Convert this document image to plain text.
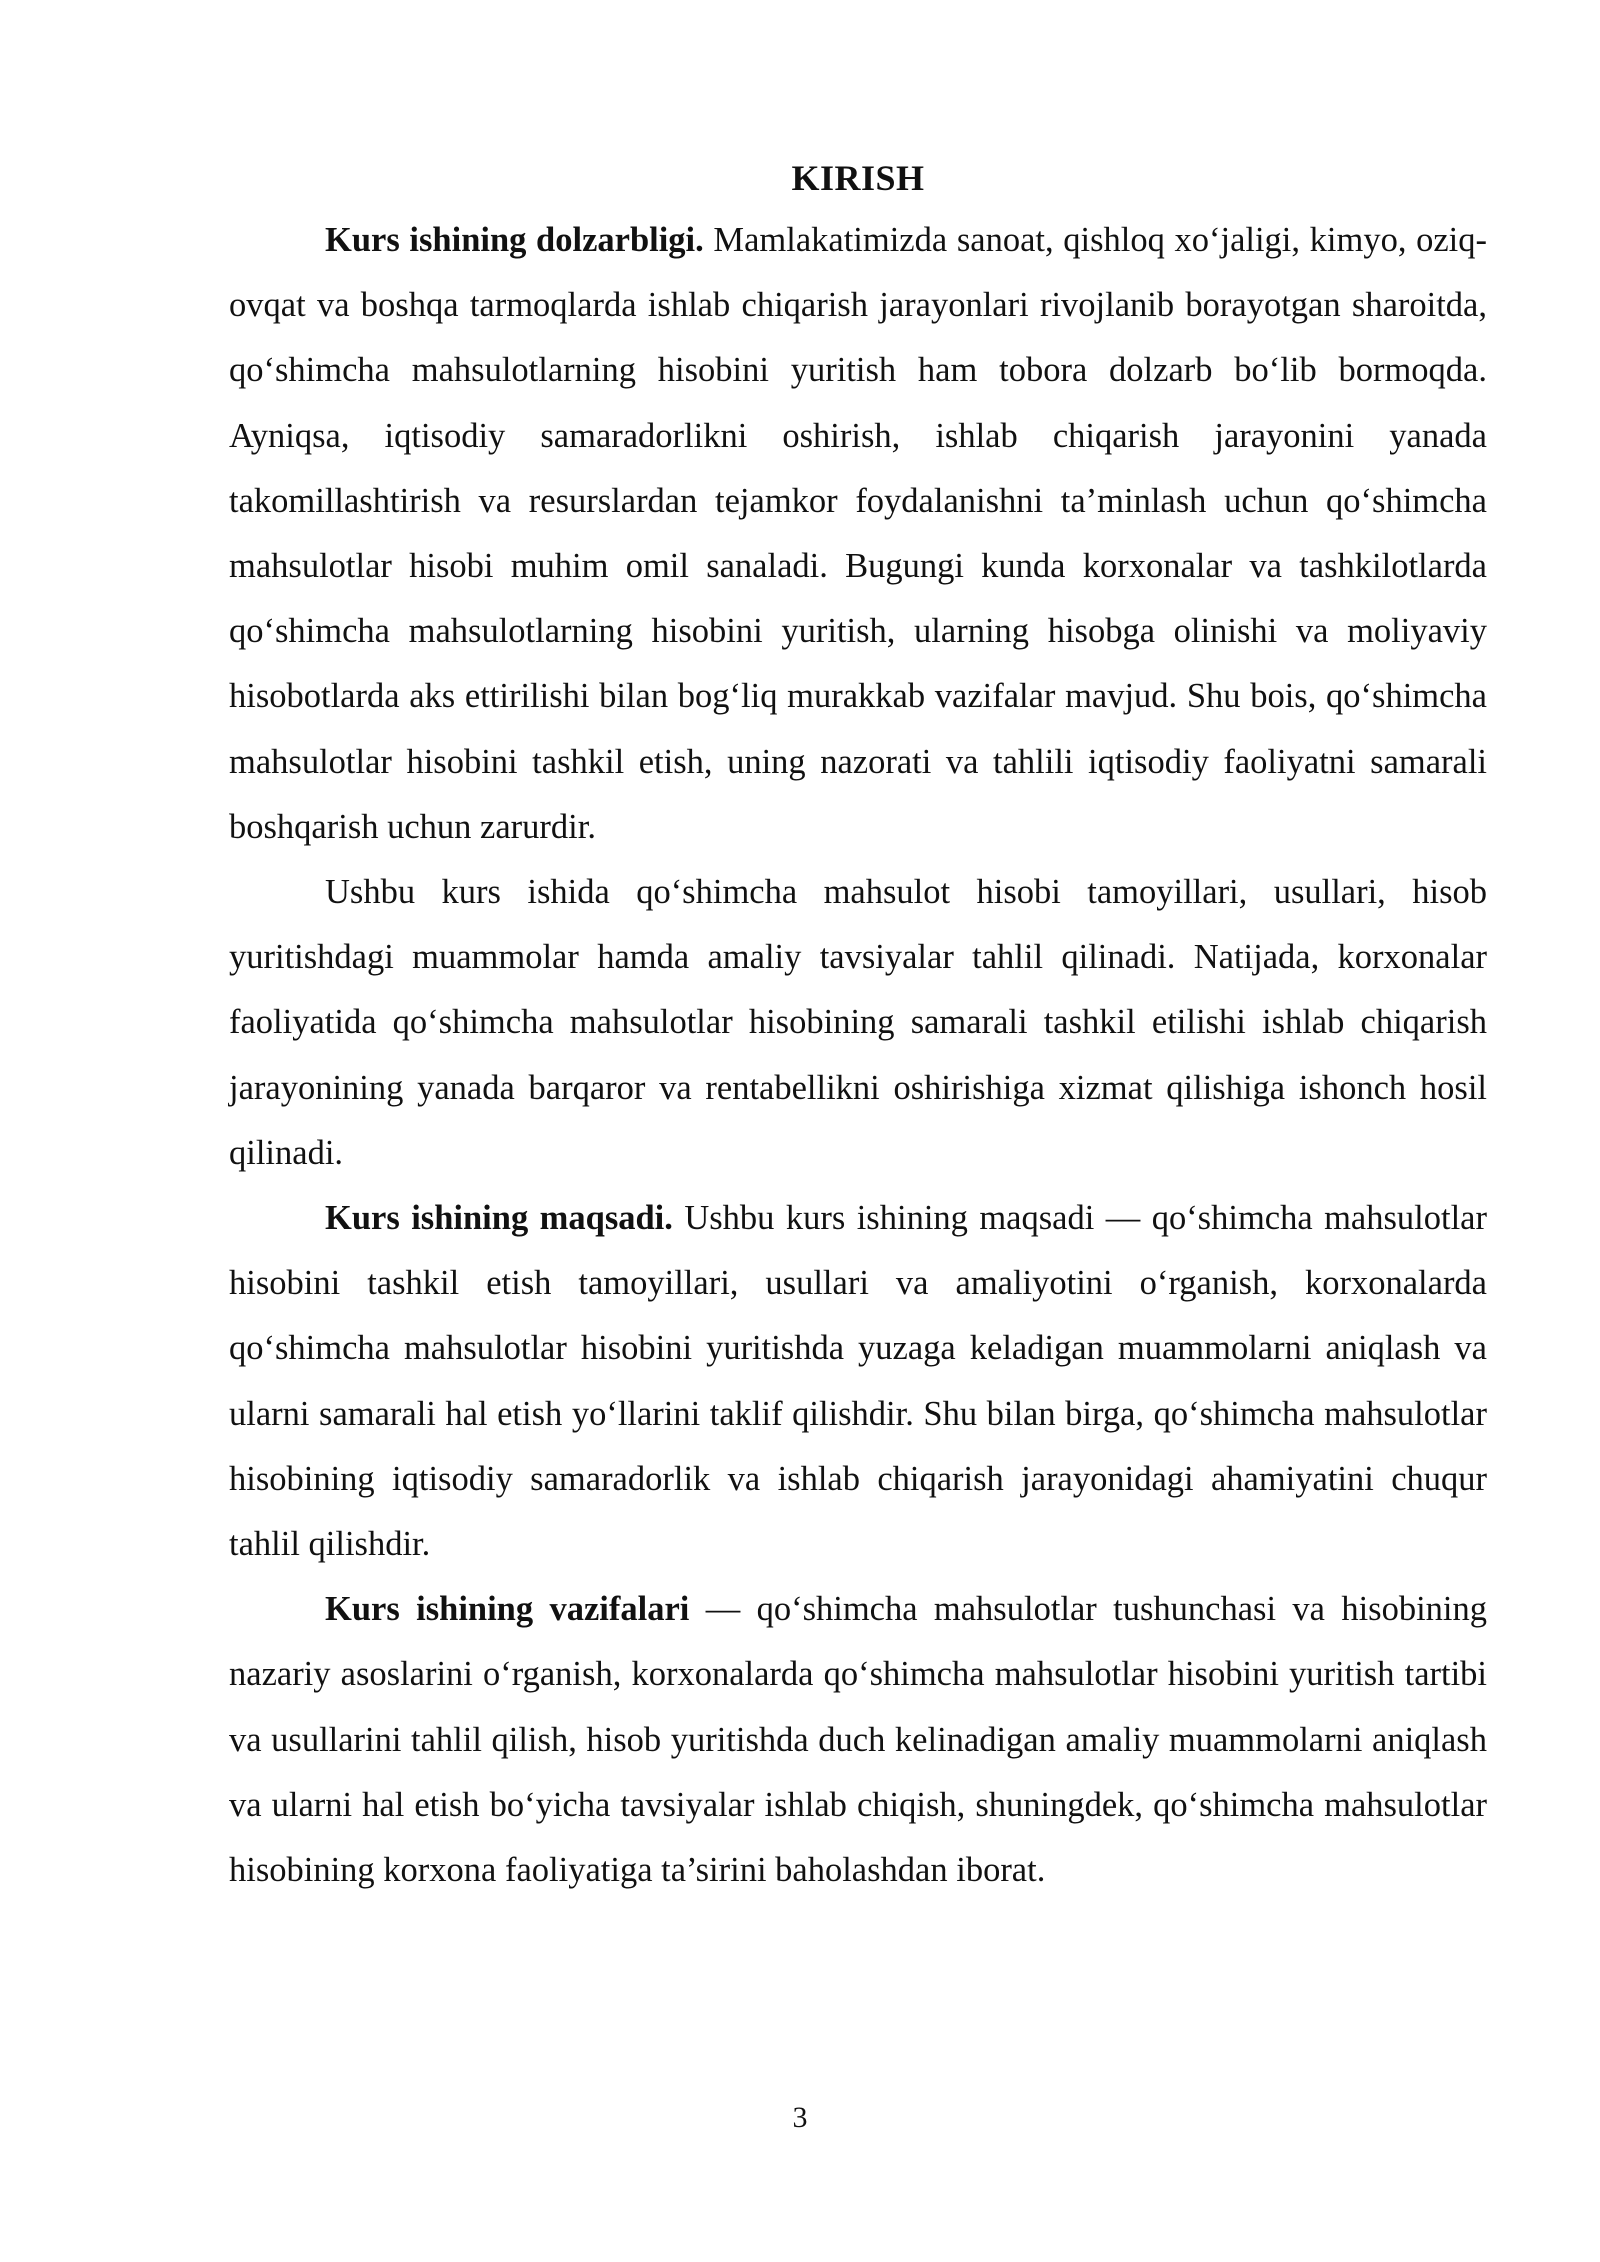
KIRISH

Kurs ishining dolzarbligi. Mamlakatimizda sanoat, qishloq xo‘jaligi, kimyo, oziq-ovqat va boshqa tarmoqlarda ishlab chiqarish jarayonlari rivojlanib borayotgan sharoitda, qo‘shimcha mahsulotlarning hisobini yuritish ham tobora dolzarb bo‘lib bormoqda. Ayniqsa, iqtisodiy samaradorlikni oshirish, ishlab chiqarish jarayonini yanada takomillashtirish va resurslardan tejamkor foydalanishni ta’minlash uchun qo‘shimcha mahsulotlar hisobi muhim omil sanaladi. Bugungi kunda korxonalar va tashkilotlarda qo‘shimcha mahsulotlarning hisobini yuritish, ularning hisobga olinishi va moliyaviy hisobotlarda aks ettirilishi bilan bog‘liq murakkab vazifalar mavjud. Shu bois, qo‘shimcha mahsulotlar hisobini tashkil etish, uning nazorati va tahlili iqtisodiy faoliyatni samarali boshqarish uchun zarurdir.

Ushbu kurs ishida qo‘shimcha mahsulot hisobi tamoyillari, usullari, hisob yuritishdagi muammolar hamda amaliy tavsiyalar tahlil qilinadi. Natijada, korxonalar faoliyatida qo‘shimcha mahsulotlar hisobining samarali tashkil etilishi ishlab chiqarish jarayonining yanada barqaror va rentabellikni oshirishiga xizmat qilishiga ishonch hosil qilinadi.

Kurs ishining maqsadi. Ushbu kurs ishining maqsadi — qo‘shimcha mahsulotlar hisobini tashkil etish tamoyillari, usullari va amaliyotini o‘rganish, korxonalarda qo‘shimcha mahsulotlar hisobini yuritishda yuzaga keladigan muammolarni aniqlash va ularni samarali hal etish yo‘llarini taklif qilishdir. Shu bilan birga, qo‘shimcha mahsulotlar hisobining iqtisodiy samaradorlik va ishlab chiqarish jarayonidagi ahamiyatini chuqur tahlil qilishdir.

Kurs ishining vazifalari — qo‘shimcha mahsulotlar tushunchasi va hisobining nazariy asoslarini o‘rganish, korxonalarda qo‘shimcha mahsulotlar hisobini yuritish tartibi va usullarini tahlil qilish, hisob yuritishda duch kelinadigan amaliy muammolarni aniqlash va ularni hal etish bo‘yicha tavsiyalar ishlab chiqish, shuningdek, qo‘shimcha mahsulotlar hisobining korxona faoliyatiga ta’sirini baholashdan iborat.

3
